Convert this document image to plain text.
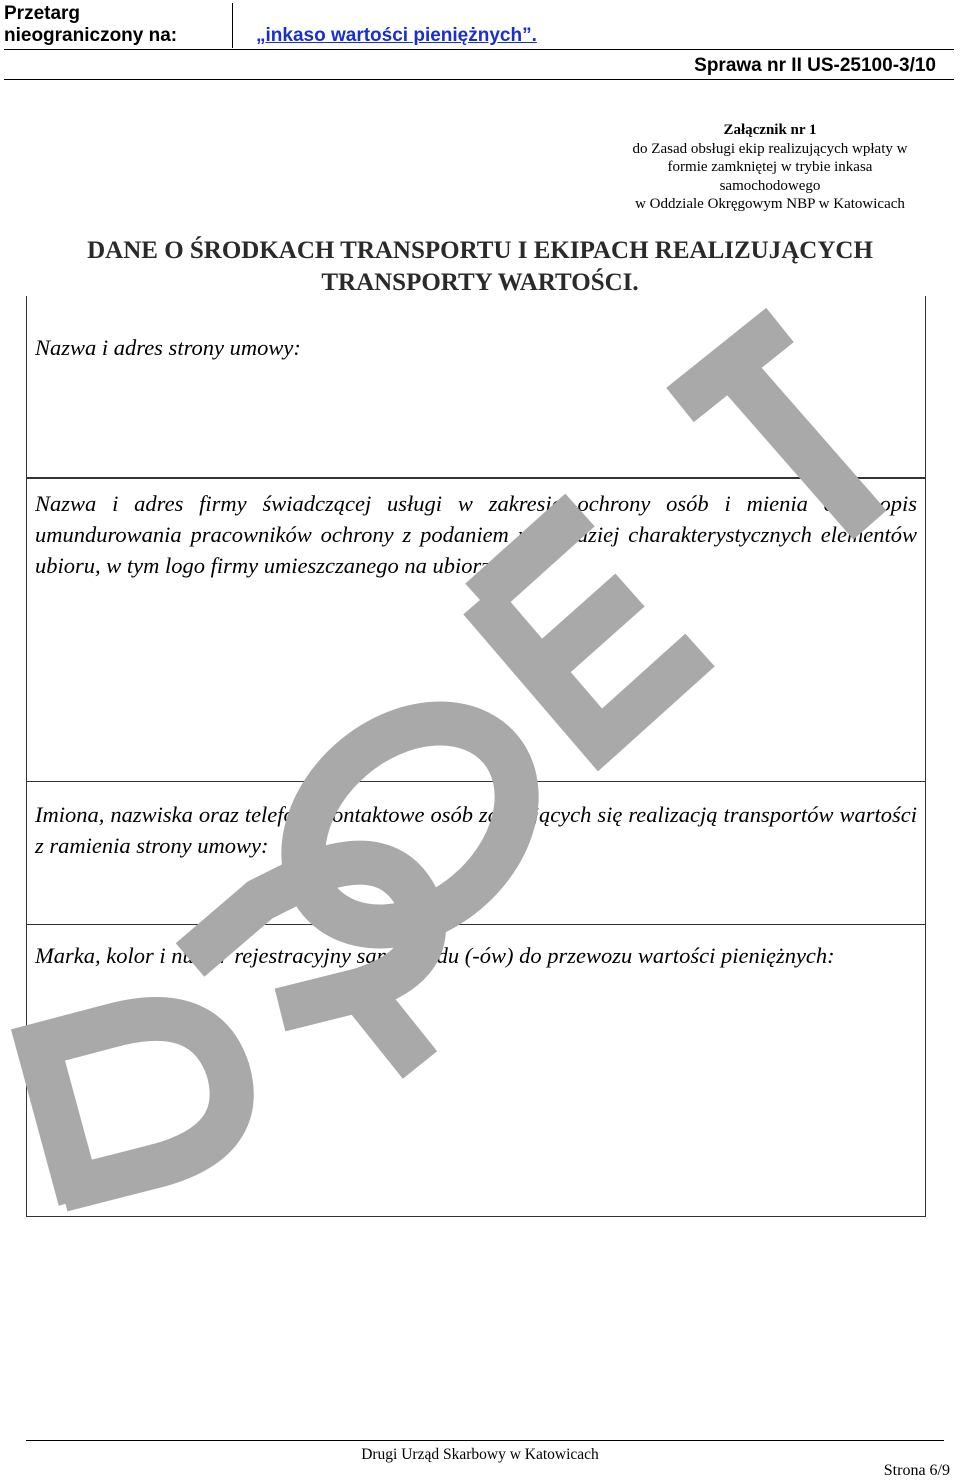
Przetarg
nieograniczony na:	„inkaso wartości pieniężnych”.
Sprawa nr II US-25100-3/10
Załącznik nr 1
do Zasad obsługi ekip realizujących wpłaty w
formie zamkniętej w trybie inkasa samochodowego
w Oddziale Okręgowym NBP w Katowicach
DANE O ŚRODKACH TRANSPORTU I EKIPACH REALIZUJĄCYCH
TRANSPORTY WARTOŚCI.
Nazwa i adres strony umowy:
Nazwa i adres firmy świadczącej usługi w zakresie ochrony osób i mienia oraz opis umundurowania pracowników ochrony z podaniem najbardziej charakterystycznych elementów ubioru, w tym logo firmy umieszczanego na ubiorze:
Imiona, nazwiska oraz telefony kontaktowe osób zajmujących się realizacją transportów wartości z ramienia strony umowy:
Marka, kolor i numer rejestracyjny samochodu (-ów) do przewozu wartości pieniężnych:
Drugi Urząd Skarbowy w Katowicach
Strona 6/9
